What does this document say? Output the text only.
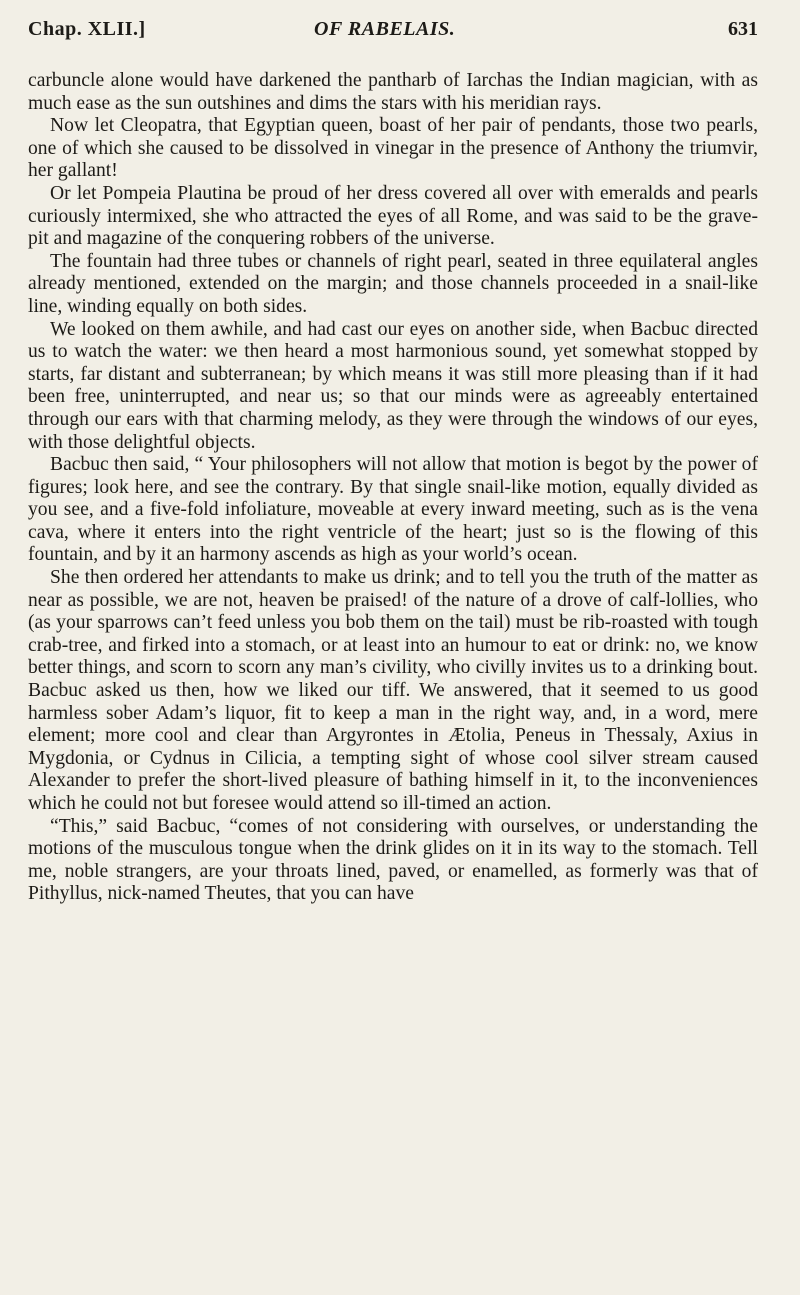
Chap. XLII.]	OF RABELAIS.	631

carbuncle alone would have darkened the pantharb of Iarchas the Indian magician, with as much ease as the sun outshines and dims the stars with his meridian rays.

Now let Cleopatra, that Egyptian queen, boast of her pair of pendants, those two pearls, one of which she caused to be dissolved in vinegar in the presence of Anthony the triumvir, her gallant!

Or let Pompeia Plautina be proud of her dress covered all over with emeralds and pearls curiously intermixed, she who attracted the eyes of all Rome, and was said to be the grave-pit and magazine of the conquering robbers of the universe.

The fountain had three tubes or channels of right pearl, seated in three equilateral angles already mentioned, extended on the margin; and those channels proceeded in a snail-like line, winding equally on both sides.

We looked on them awhile, and had cast our eyes on another side, when Bacbuc directed us to watch the water: we then heard a most harmonious sound, yet somewhat stopped by starts, far distant and subterranean; by which means it was still more pleasing than if it had been free, uninterrupted, and near us; so that our minds were as agreeably entertained through our ears with that charming melody, as they were through the windows of our eyes, with those delightful objects.

Bacbuc then said, “ Your philosophers will not allow that motion is begot by the power of figures; look here, and see the contrary. By that single snail-like motion, equally divided as you see, and a five-fold infoliature, moveable at every inward meeting, such as is the vena cava, where it enters into the right ventricle of the heart; just so is the flowing of this fountain, and by it an harmony ascends as high as your world’s ocean.

She then ordered her attendants to make us drink; and to tell you the truth of the matter as near as possible, we are not, heaven be praised! of the nature of a drove of calf-lollies, who (as your sparrows can’t feed unless you bob them on the tail) must be rib-roasted with tough crab-tree, and firked into a stomach, or at least into an humour to eat or drink: no, we know better things, and scorn to scorn any man’s civility, who civilly invites us to a drinking bout. Bacbuc asked us then, how we liked our tiff. We answered, that it seemed to us good harmless sober Adam’s liquor, fit to keep a man in the right way, and, in a word, mere element; more cool and clear than Argyrontes in Ætolia, Peneus in Thessaly, Axius in Mygdonia, or Cydnus in Cilicia, a tempting sight of whose cool silver stream caused Alexander to prefer the short-lived pleasure of bathing himself in it, to the inconveniences which he could not but foresee would attend so ill-timed an action.

“This,” said Bacbuc, “comes of not considering with ourselves, or understanding the motions of the musculous tongue when the drink glides on it in its way to the stomach. Tell me, noble strangers, are your throats lined, paved, or enamelled, as formerly was that of Pithyllus, nick-named Theutes, that you can have
